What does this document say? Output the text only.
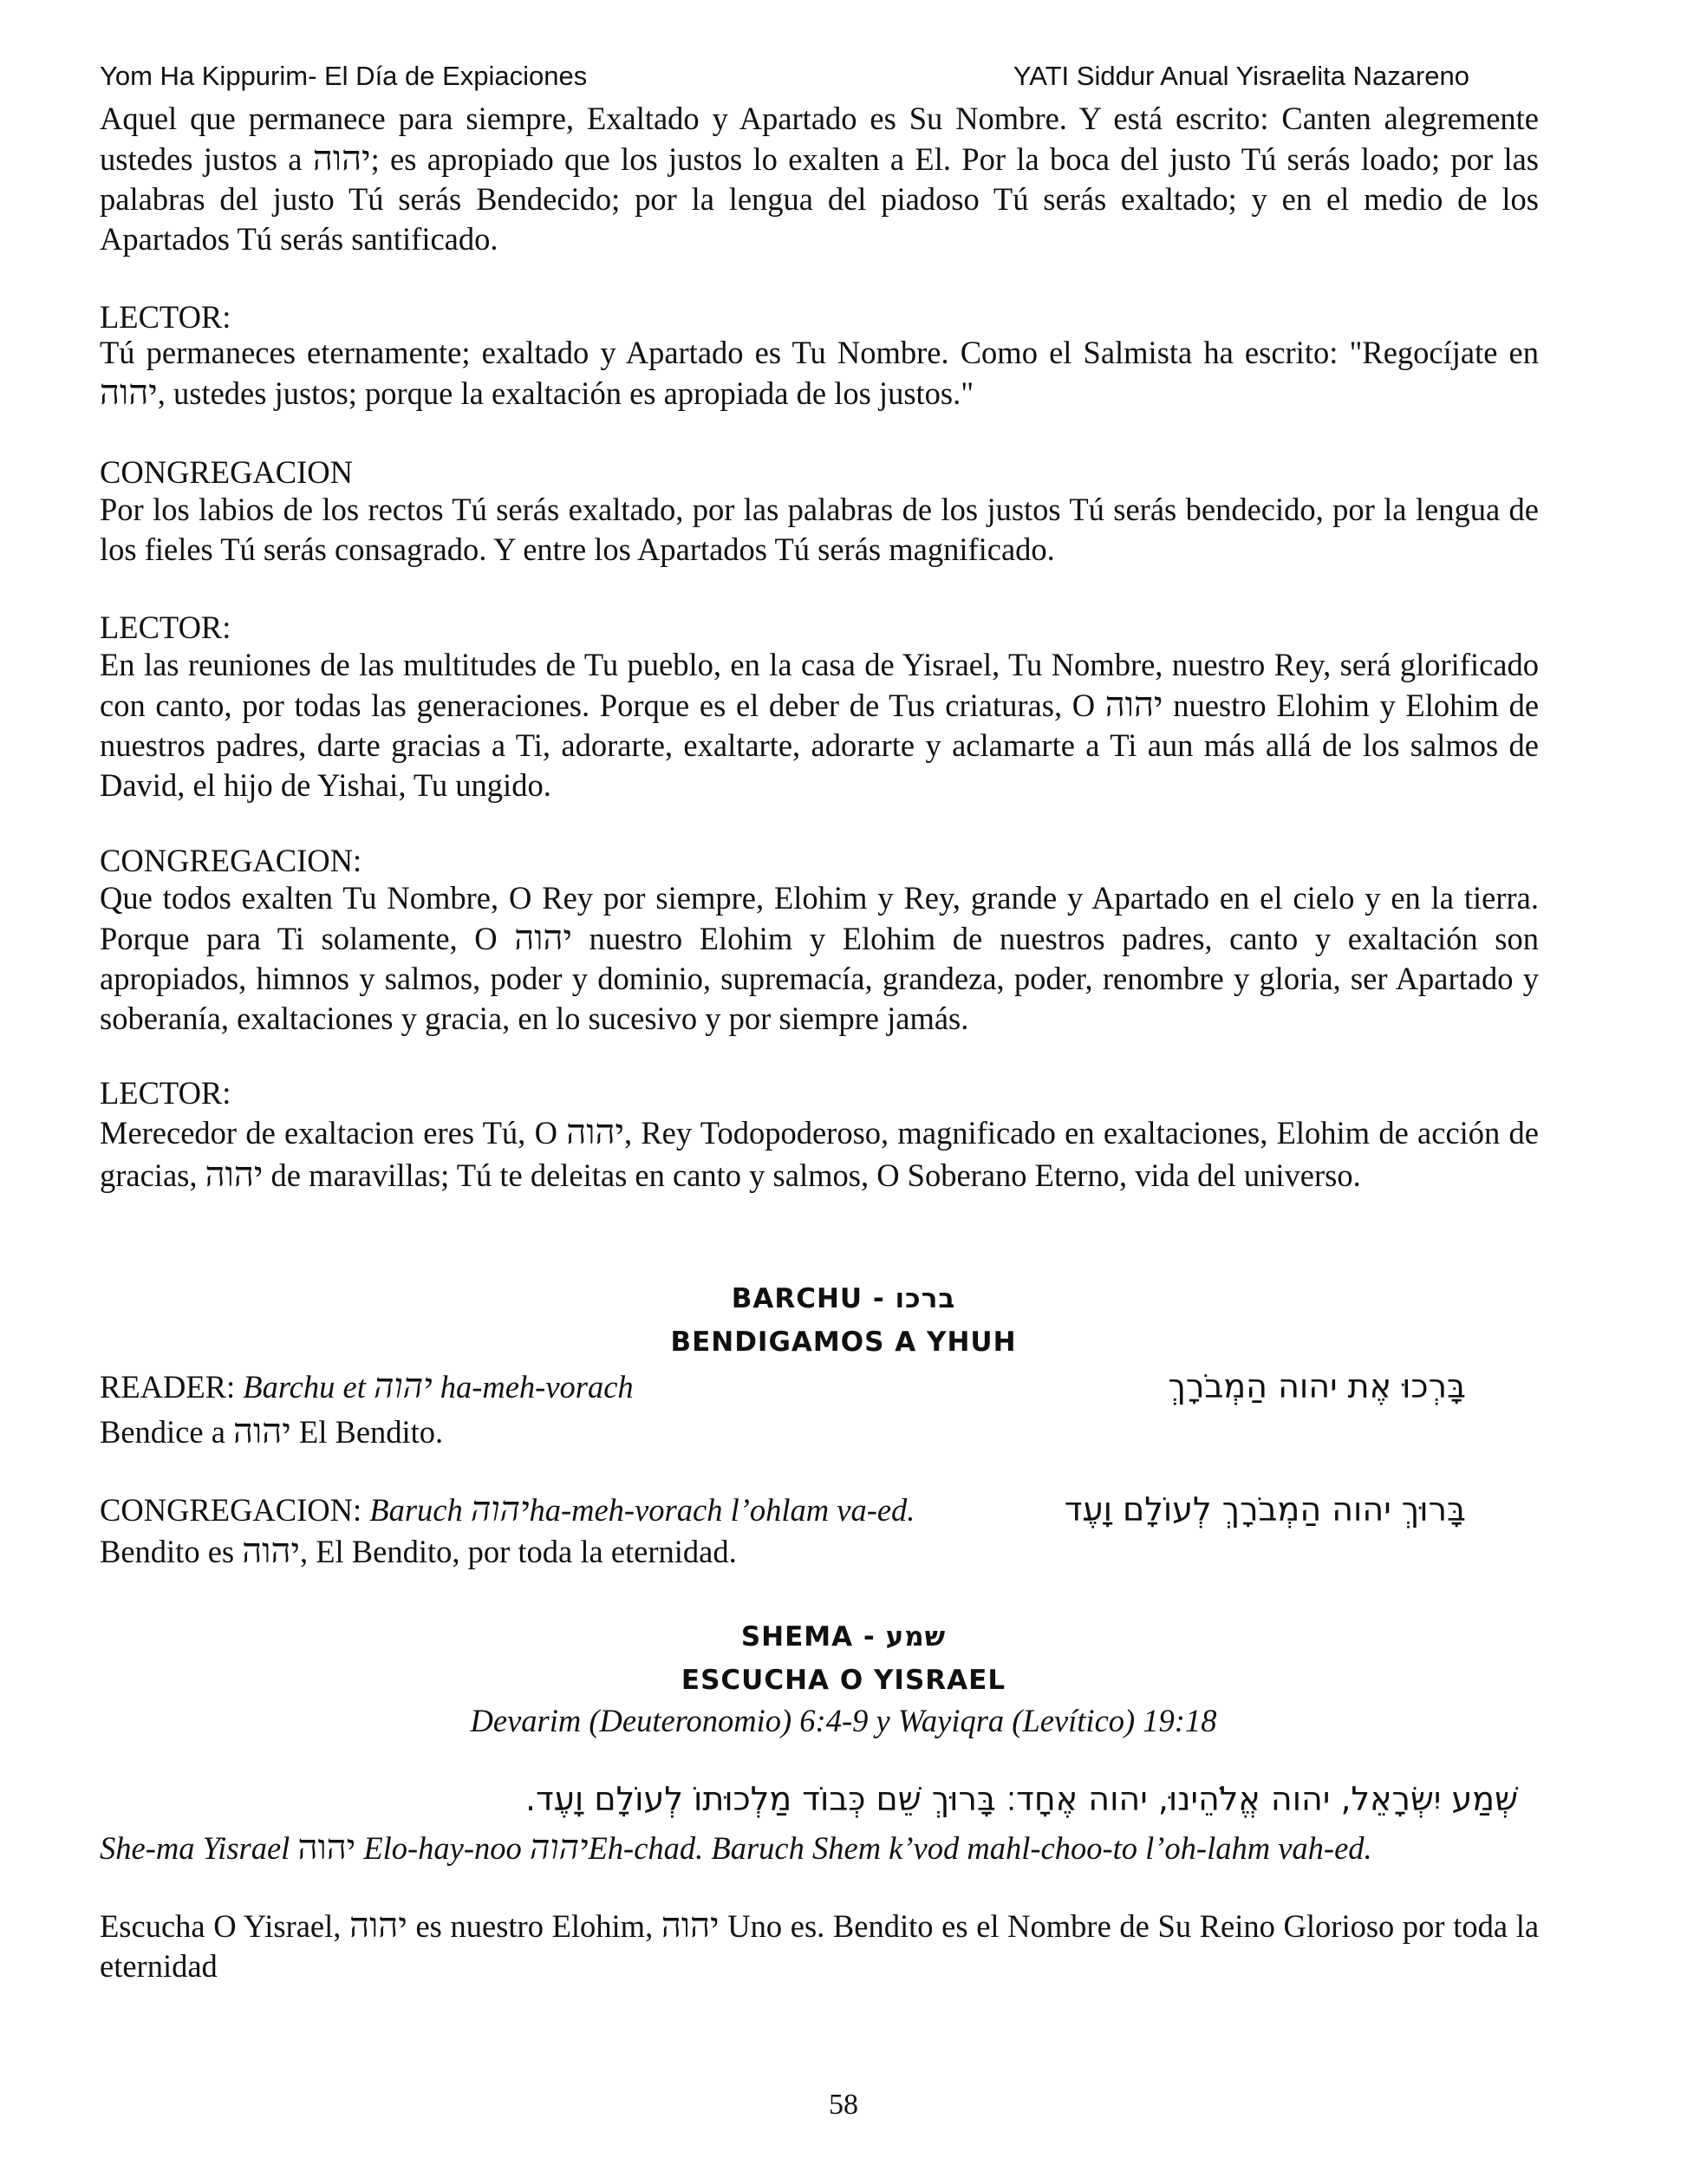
Yom Ha Kippurim- El Día de Expiaciones	YATI Siddur Anual Yisraelita Nazareno
Aquel que permanece para siempre, Exaltado y Apartado es Su Nombre. Y está escrito: Canten alegremente ustedes justos a יהוה; es apropiado que los justos lo exalten a El. Por la boca del justo Tú serás loado; por las palabras del justo Tú serás Bendecido; por la lengua del piadoso Tú serás exaltado; y en el medio de los Apartados Tú serás santificado.
LECTOR:
Tú permaneces eternamente; exaltado y Apartado es Tu Nombre. Como el Salmista ha escrito: "Regocíjate en יהוה, ustedes justos; porque la exaltación es apropiada de los justos."
CONGREGACION
Por los labios de los rectos Tú serás exaltado, por las palabras de los justos Tú serás bendecido, por la lengua de los fieles Tú serás consagrado. Y entre los Apartados Tú serás magnificado.
LECTOR:
En las reuniones de las multitudes de Tu pueblo, en la casa de Yisrael, Tu Nombre, nuestro Rey, será glorificado con canto, por todas las generaciones. Porque es el deber de Tus criaturas, O יהוה nuestro Elohim y Elohim de nuestros padres, darte gracias a Ti, adorarte, exaltarte, adorarte y aclamarte a Ti aun más allá de los salmos de David, el hijo de Yishai, Tu ungido.
CONGREGACION:
Que todos exalten Tu Nombre, O Rey por siempre, Elohim y Rey, grande y Apartado en el cielo y en la tierra. Porque para Ti solamente, O יהוה nuestro Elohim y Elohim de nuestros padres, canto y exaltación son apropiados, himnos y salmos, poder y dominio, supremacía, grandeza, poder, renombre y gloria, ser Apartado y soberanía, exaltaciones y gracia, en lo sucesivo y por siempre jamás.
LECTOR:
Merecedor de exaltacion eres Tú, O יהוה, Rey Todopoderoso, magnificado en exaltaciones, Elohim de acción de gracias, יהוה de maravillas; Tú te deleitas en canto y salmos, O Soberano Eterno, vida del universo.
BARCHU - ברכו
BENDIGAMOS A YHUH
READER: Barchu et יהוה ha-meh-vorach	בָּרְכוּ אֶת יהוה הַמְבֹרָךְ
Bendice a יהוה El Bendito.
CONGREGACION: Baruch יהוהha-meh-vorach l’ohlam va-ed.	בָּרוּךְ יהוה הַמְבֹרָךְ לְעוֹלָם וָעֶד
Bendito es יהוה, El Bendito, por toda la eternidad.
SHEMA - שמע
ESCUCHA O YISRAEL
Devarim (Deuteronomio) 6:4-9 y Wayiqra (Levítico) 19:18
שְׁמַע יִשְׂרָאֵל, יהוה אֱלֹהֵינוּ, יהוה אֶחָד׃ בָּרוּךְ שֵׁם כְּבוֹד מַלְכוּתוֹ לְעוֹלָם וָעֶד.
She-ma Yisrael יהוה Elo-hay-noo יהוהEh-chad. Baruch Shem k’vod mahl-choo-to l’oh-lahm vah-ed.
Escucha O Yisrael, יהוה es nuestro Elohim, יהוה Uno es. Bendito es el Nombre de Su Reino Glorioso por toda la eternidad
58
